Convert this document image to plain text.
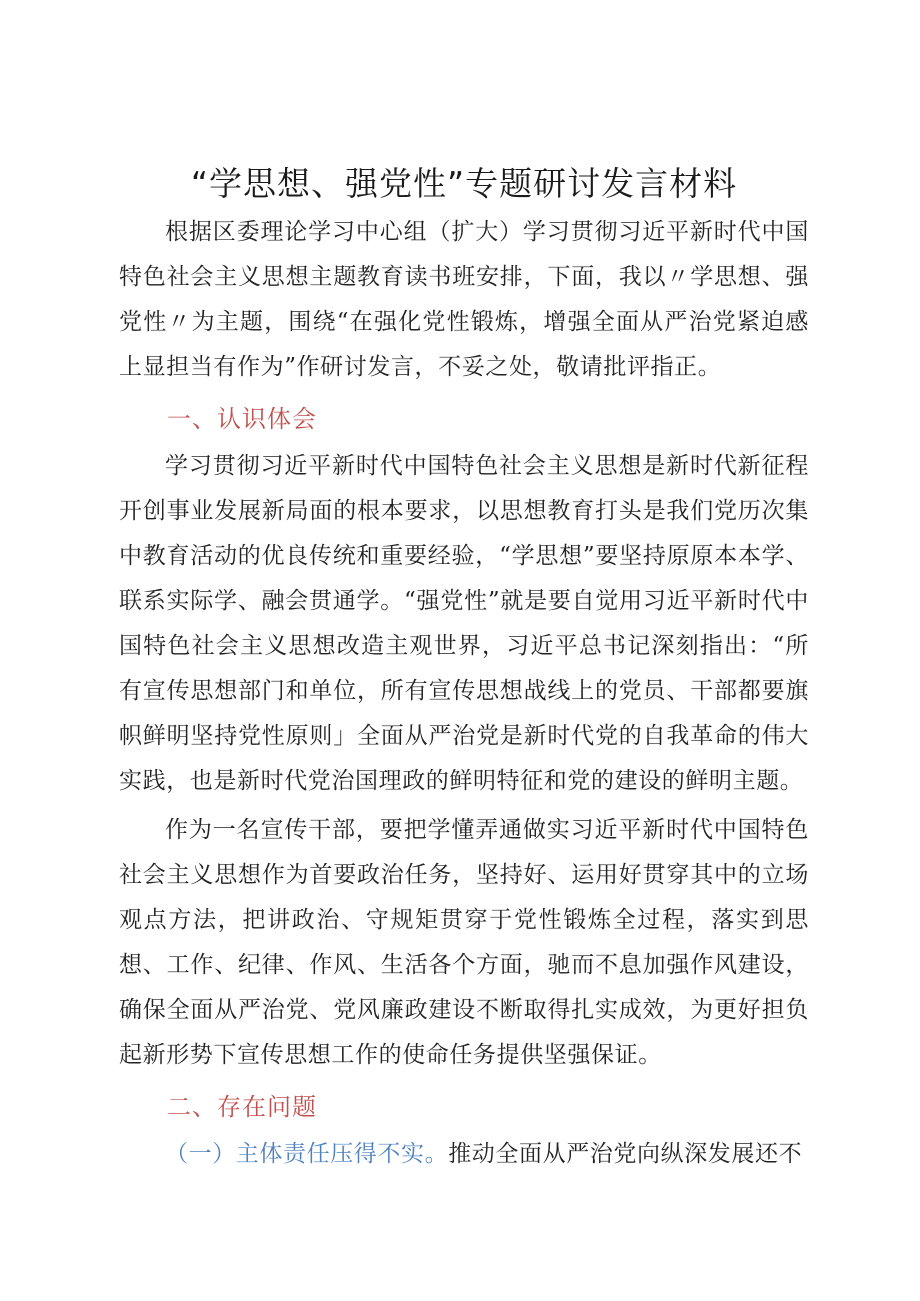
“学思想、强党性”专题研讨发言材料

根据区委理论学习中心组（扩大）学习贯彻习近平新时代中国特色社会主义思想主题教育读书班安排，下面，我以〃学思想、强党性〃为主题，围绕“在强化党性锻炼，增强全面从严治党紧迫感上显担当有作为”作研讨发言，不妥之处，敬请批评指正。

一、认识体会

学习贯彻习近平新时代中国特色社会主义思想是新时代新征程开创事业发展新局面的根本要求，以思想教育打头是我们党历次集中教育活动的优良传统和重要经验，“学思想”要坚持原原本本学、联系实际学、融会贯通学。“强党性”就是要自觉用习近平新时代中国特色社会主义思想改造主观世界，习近平总书记深刻指出：“所有宣传思想部门和单位，所有宣传思想战线上的党员、干部都要旗帜鲜明坚持党性原则」全面从严治党是新时代党的自我革命的伟大实践，也是新时代党治国理政的鲜明特征和党的建设的鲜明主题。

作为一名宣传干部，要把学懂弄通做实习近平新时代中国特色社会主义思想作为首要政治任务，坚持好、运用好贯穿其中的立场观点方法，把讲政治、守规矩贯穿于党性锻炼全过程，落实到思想、工作、纪律、作风、生活各个方面，驰而不息加强作风建设，确保全面从严治党、党风廉政建设不断取得扎实成效，为更好担负起新形势下宣传思想工作的使命任务提供坚强保证。

二、存在问题

（一）主体责任压得不实。推动全面从严治党向纵深发展还不
